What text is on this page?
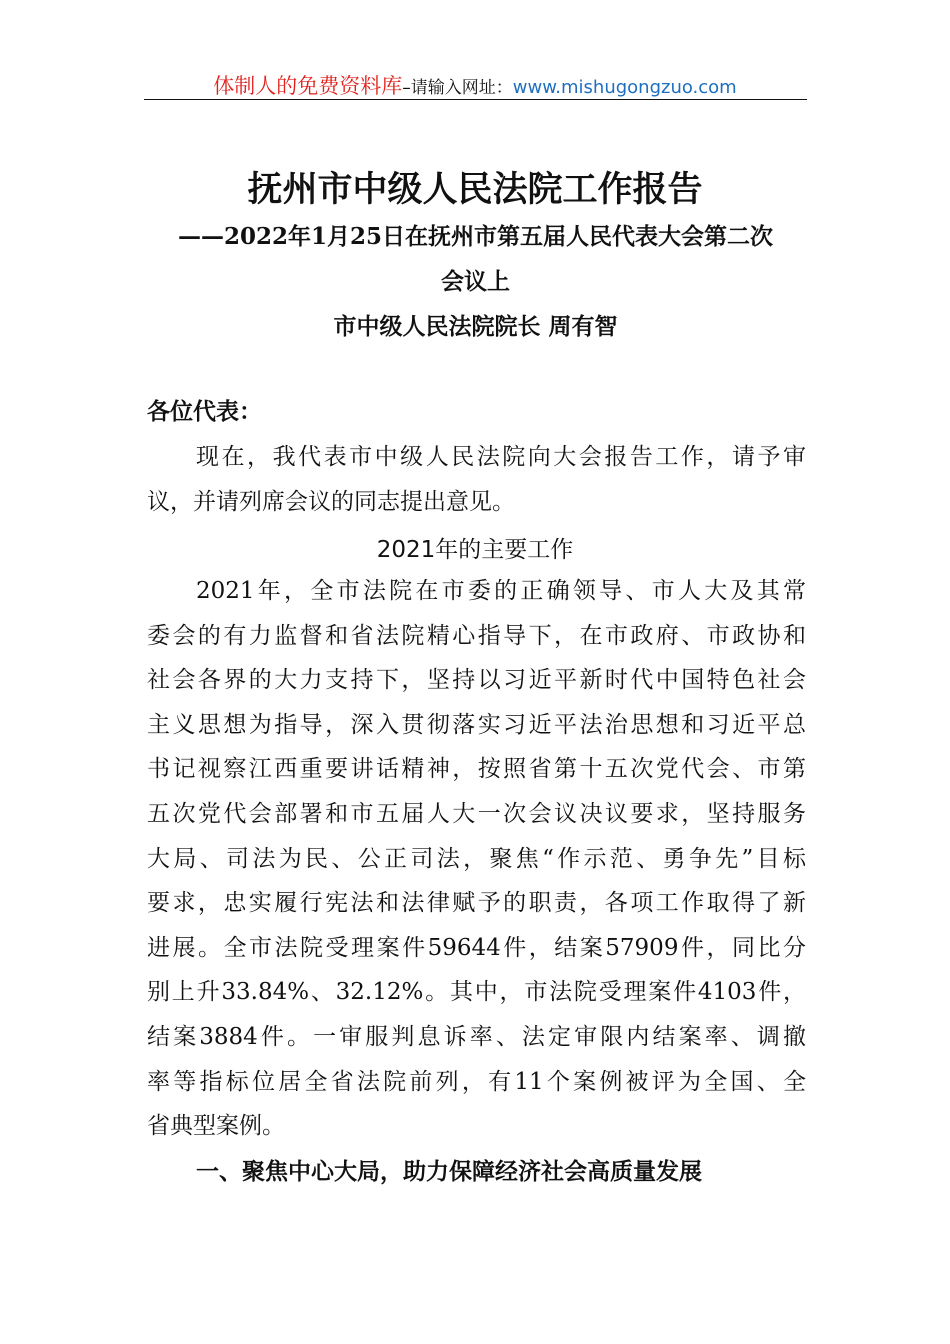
体制人的免费资料库–请输入网址：www.mishugongzuo.com
抚州市中级人民法院工作报告
——2022年1月25日在抚州市第五届人民代表大会第二次
会议上
市中级人民法院院长 周有智
各位代表：
现在，我代表市中级人民法院向大会报告工作，请予审
议，并请列席会议的同志提出意见。
2021年的主要工作
2021年，全市法院在市委的正确领导、市人大及其常
委会的有力监督和省法院精心指导下，在市政府、市政协和
社会各界的大力支持下，坚持以习近平新时代中国特色社会
主义思想为指导，深入贯彻落实习近平法治思想和习近平总
书记视察江西重要讲话精神，按照省第十五次党代会、市第
五次党代会部署和市五届人大一次会议决议要求，坚持服务
大局、司法为民、公正司法，聚焦“作示范、勇争先”目标
要求，忠实履行宪法和法律赋予的职责，各项工作取得了新
进展。全市法院受理案件59644件，结案57909件，同比分
别上升33.84%、32.12%。其中，市法院受理案件4103件，
结案3884件。一审服判息诉率、法定审限内结案率、调撤
率等指标位居全省法院前列，有11个案例被评为全国、全
省典型案例。
一、聚焦中心大局，助力保障经济社会高质量发展
